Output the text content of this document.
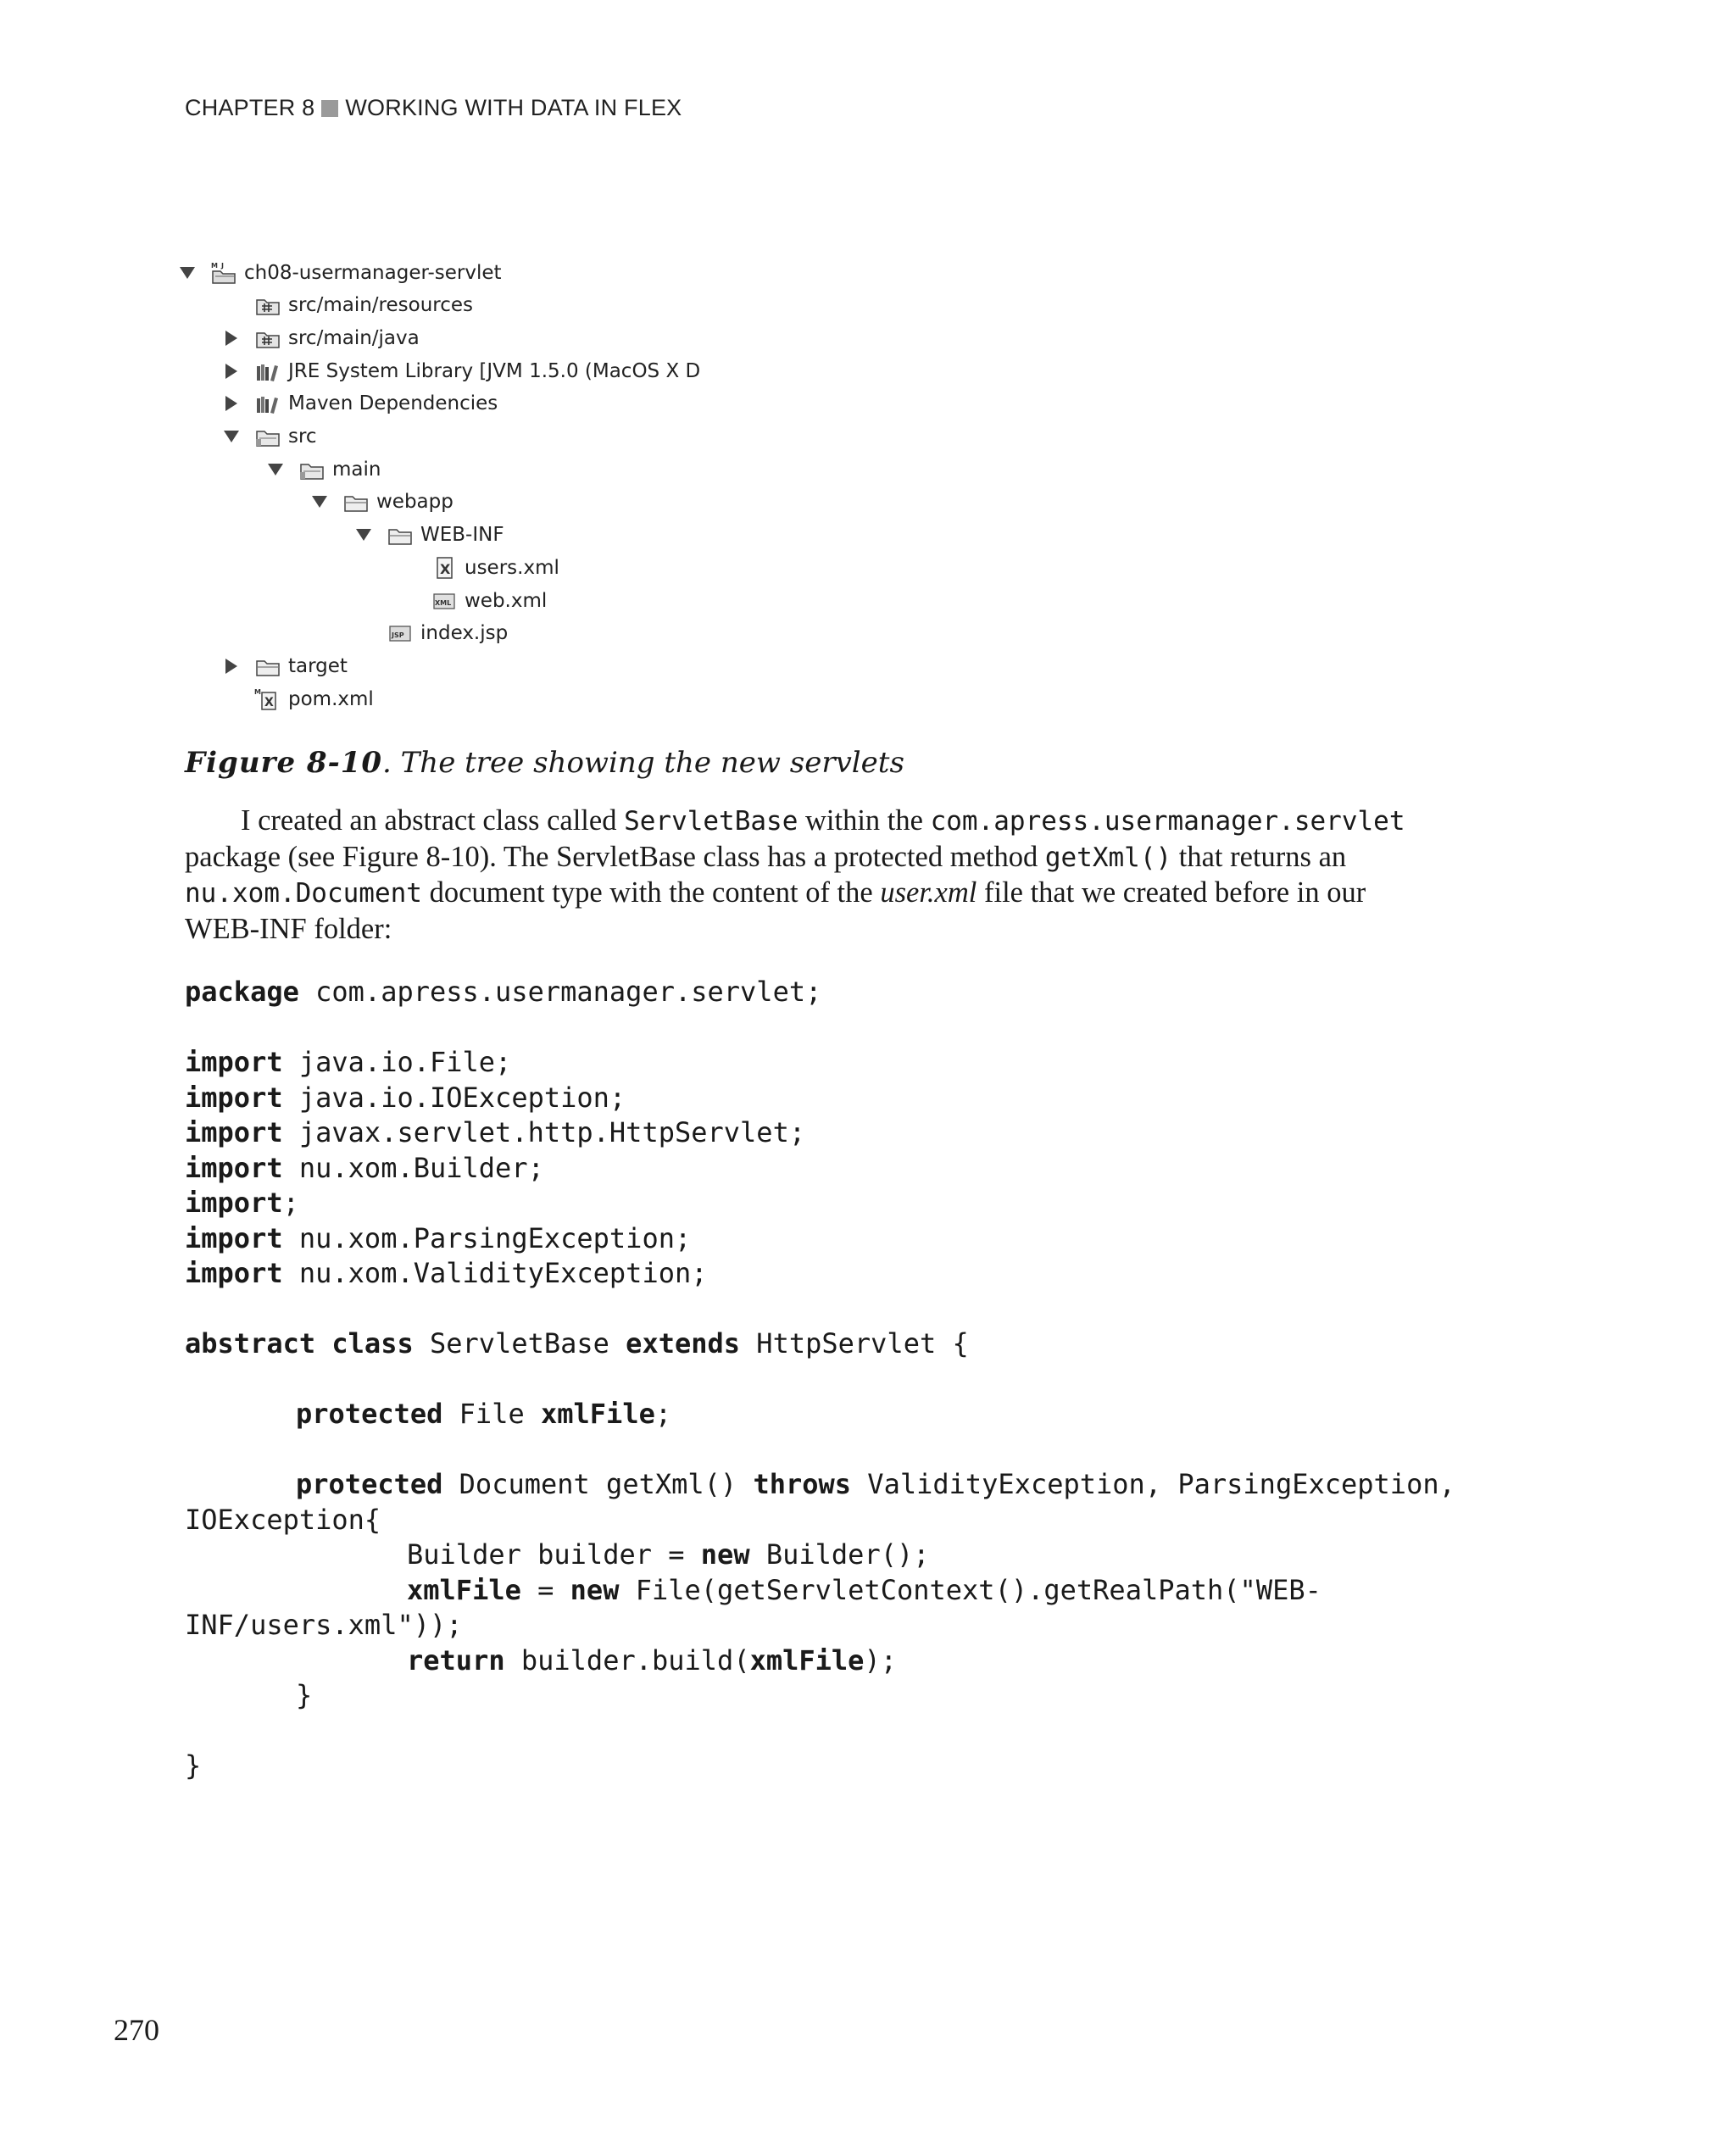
CHAPTER 8 WORKING WITH DATA IN FLEX
M J ch08-usermanager-servlet
src/main/resources
src/main/java
JRE System Library [JVM 1.5.0 (MacOS X D
Maven Dependencies
src
main
webapp
WEB-INF
X users.xml
XML web.xml
JSP index.jsp
target
M
X pom.xml
Figure 8-10. The tree showing the new servlets
I created an abstract class called ServletBase within the com.apress.usermanager.servlet
package (see Figure 8-10). The ServletBase class has a protected method getXml() that returns an
nu.xom.Document document type with the content of the user.xml file that we created before in our
WEB-INF folder:
package com.apress.usermanager.servlet;
import java.io.File;
import java.io.IOException;
import javax.servlet.http.HttpServlet;
import nu.xom.Builder;
import;
import nu.xom.ParsingException;
import nu.xom.ValidityException;
abstract class ServletBase extends HttpServlet {
protected File xmlFile;
protected Document getXml() throws ValidityException, ParsingException,
IOException{
Builder builder = new Builder();
xmlFile = new File(getServletContext().getRealPath("WEB-
INF/users.xml"));
return builder.build(xmlFile);
}
}
270
